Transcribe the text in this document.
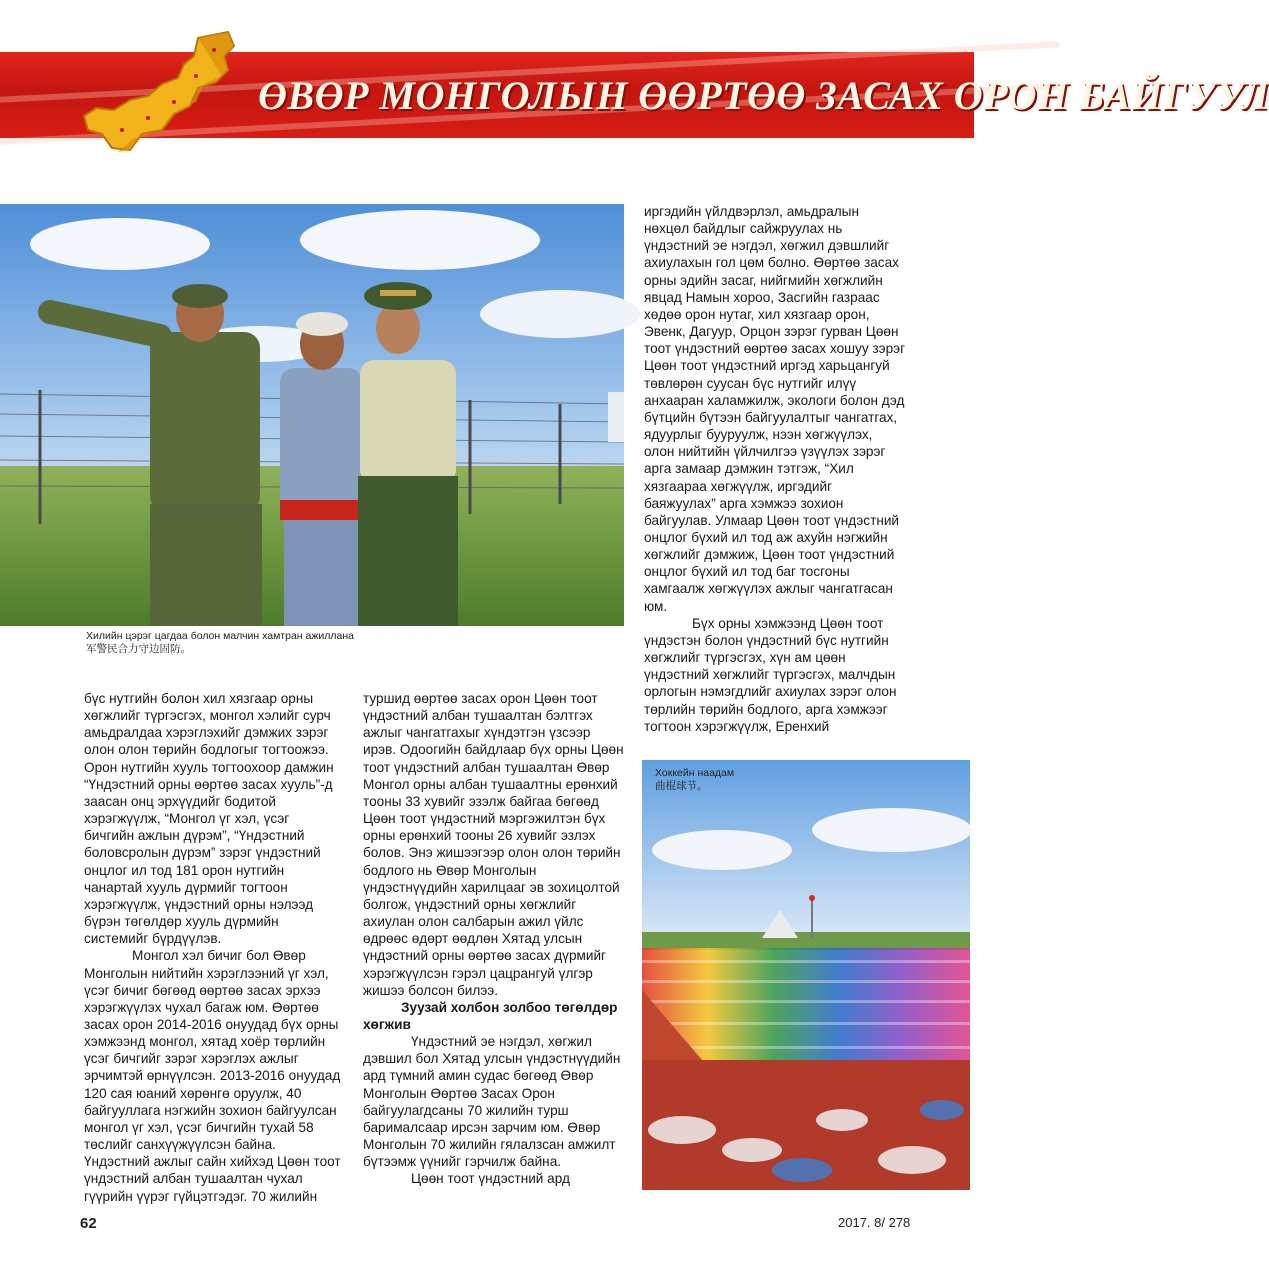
ӨВӨР МОНГОЛЫН ӨӨРТӨӨ ЗАСАХ ОРОН БАЙГУУЛ
Хилийн цэрэг цагдаа болон малчин хамтран ажиллана
军警民合力守边固防。

иргэдийн үйлдвэрлэл, амьдралын нөхцөл байдлыг сайжруулах нь үндэстний эе нэгдэл, хөгжил дэвшлийг ахиулахын гол цөм болно. Өөртөө засах орны эдийн засаг, нийгмийн хөгжлийн явцад Намын хороо, Засгийн газраас хөдөө орон нутаг, хил хязгаар орон, Эвенк, Дагуур, Орцон зэрэг гурван Цөөн тоот үндэстний өөртөө засах хошуу зэрэг Цөөн тоот үндэстний иргэд харьцангуй төвлөрөн суусан бүс нутгийг илүү анхааран халамжилж, экологи болон дэд бүтцийн бүтээн байгуулалтыг чангатгах, ядуурлыг бууруулж, нээн хөгжүүлэх, олон нийтийн үйлчилгээ үзүүлэх зэрэг арга замаар дэмжин тэтгэж, “Хил хязгаараа хөгжүүлж, иргэдийг баяжуулах” арга хэмжээ зохион байгуулав. Улмаар Цөөн тоот үндэстний онцлог бүхий ил тод аж ахуйн нэгжийн хөгжлийг дэмжиж, Цөөн тоот үндэстний онцлог бүхий ил тод баг тосгоны хамгаалж хөгжүүлэх ажлыг чангатгасан юм.

Бүх орны хэмжээнд Цөөн тоот үндэстэн болон үндэстний бүс нутгийн хөгжлийг түргэсгэх, хүн ам цөөн үндэстний хөгжлийг түргэсгэх, малчдын орлогын нэмэгдлийг ахиулах зэрэг олон төрлийн төрийн бодлого, арга хэмжээг тогтоон хэрэгжүүлж, Еренхий

бүс нутгийн болон хил хязгаар орны хөгжлийг түргэсгэх, монгол хэлийг сурч амьдралдаа хэрэглэхийг дэмжих зэрэг олон олон төрийн бодлогыг тогтоожээ. Орон нутгийн хууль тогтоохоор дамжин “Үндэстний орны өөртөө засах хууль”-д заасан онц эрхүүдийг бодитой хэрэгжүүлж, “Монгол үг хэл, үсэг бичгийн ажлын дүрэм”, “Үндэстний боловсролын дүрэм” зэрэг үндэстний онцлог ил тод 181 орон нутгийн чанартай хууль дүрмийг тогтоон хэрэгжүүлж, үндэстний орны нэлээд бүрэн төгөлдөр хууль дүрмийн системийг бүрдүүлэв.

Монгол хэл бичиг бол Өвөр Монголын нийтийн хэрэглээний үг хэл, үсэг бичиг бөгөөд өөртөө засах эрхээ хэрэгжүүлэх чухал багаж юм. Өөртөө засах орон 2014-2016 онуудад бүх орны хэмжээнд монгол, хятад хоёр төрлийн үсэг бичгийг зэрэг хэрэглэх ажлыг эрчимтэй өрнүүлсэн. 2013-2016 онуудад 120 сая юаний хөрөнгө оруулж, 40 байгууллага нэгжийн зохион байгуулсан монгол үг хэл, үсэг бичгийн тухай 58 төслийг санхүүжүүлсэн байна. Үндэстний ажлыг сайн хийхэд Цөөн тоот үндэстний албан тушаалтан чухал гүүрийн үүрэг гүйцэтгэдэг. 70 жилийн

туршид өөртөө засах орон Цөөн тоот үндэстний албан тушаалтан бэлтгэх ажлыг чангатгахыг хүндэтгэн үзсээр ирэв. Одоогийн байдлаар бүх орны Цөөн тоот үндэстний албан тушаалтан Өвөр Монгол орны албан тушаалтны ерөнхий тооны 33 хувийг эзэлж байгаа бөгөөд Цөөн тоот үндэстний мэргэжилтэн бүх орны ерөнхий тооны 26 хувийг эзлэх болов. Энэ жишээгээр олон олон төрийн бодлого нь Өвөр Монголын үндэстнүүдийн харилцааг эв зохицолтой болгож, үндэстний орны хөгжлийг ахиулан олон салбарын ажил үйлс өдрөөс өдөрт өөдлөн Хятад улсын үндэстний орны өөртөө засах дүрмийг хэрэгжүүлсэн гэрэл цацрангуй үлгэр жишээ болсон билээ.

Зуузай холбон золбоо төгөлдөр хөгжив

Үндэстний эе нэгдэл, хөгжил дэвшил бол Хятад улсын үндэстнүүдийн ард түмний амин судас бөгөөд Өвөр Монголын Өөртөө Засах Орон байгуулагдсаны 70 жилийн турш барималсаар ирсэн зарчим юм. Өвөр Монголын 70 жилийн гялалзсан амжилт бүтээмж үүнийг гэрчилж байна.

Цөөн тоот үндэстний ард

Хоккейн наадам
曲棍球节。
62	2017. 8/ 278
